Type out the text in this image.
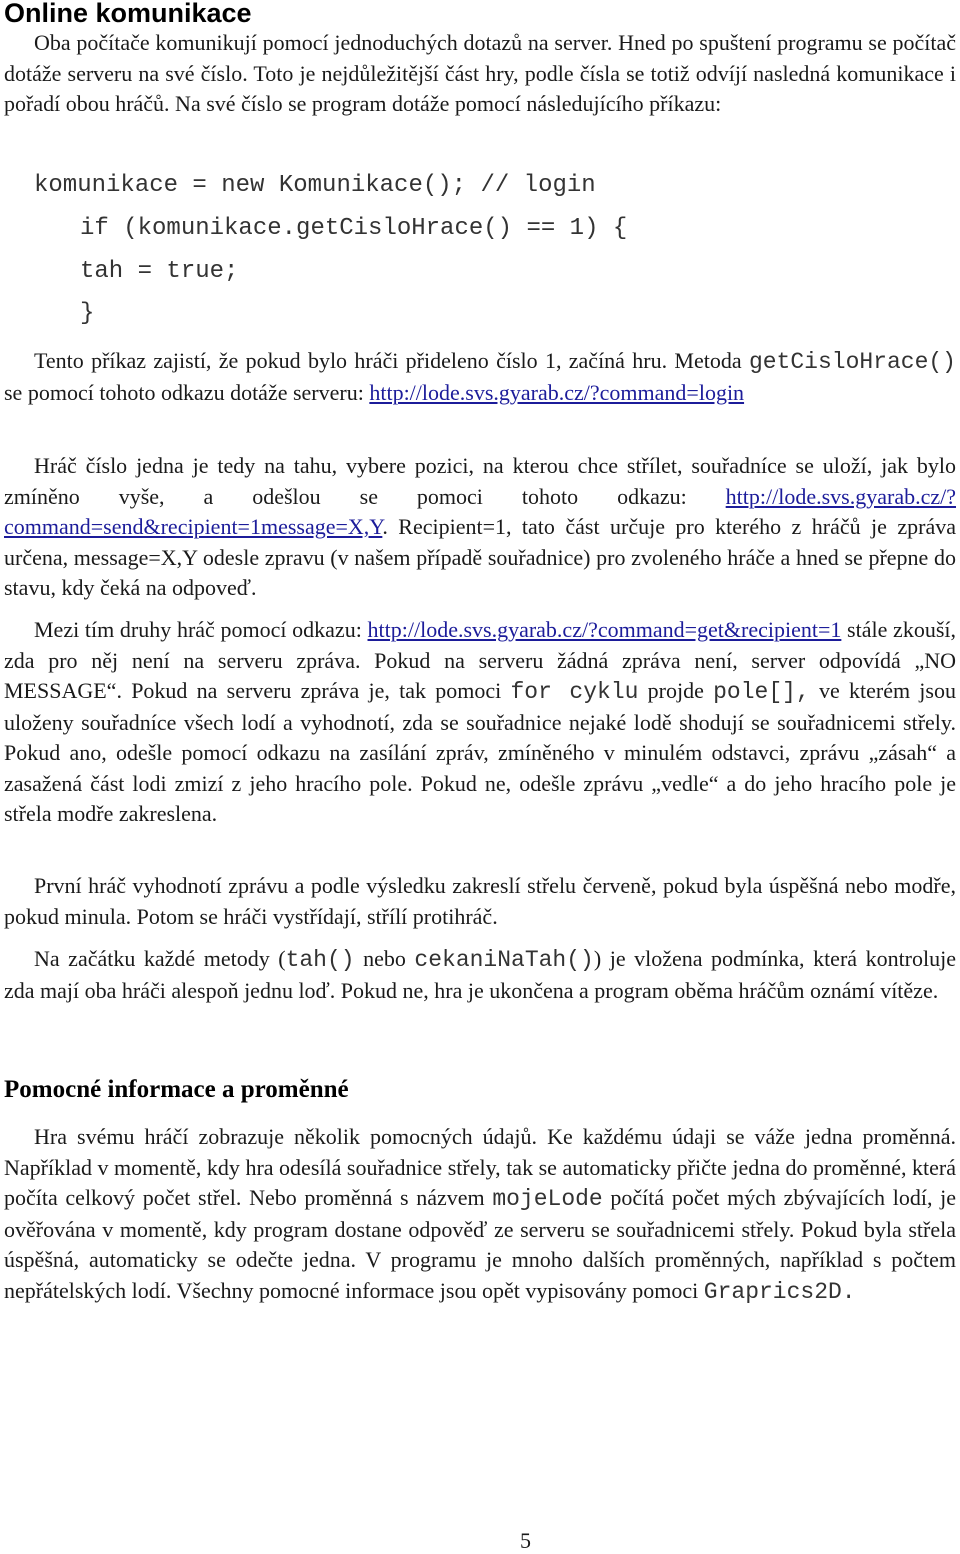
Online komunikace

Oba počítače komunikují pomocí jednoduchých dotazů na server. Hned po spuštení programu se počítač dotáže serveru na své číslo. Toto je nejdůležitější část hry, podle čísla se totiž odvíjí nasledná komunikace i pořadí obou hráčů. Na své číslo se program dotáže pomocí následujícího příkazu:

komunikace = new Komunikace(); // login
if (komunikace.getCisloHrace() == 1) {
tah = true;
}

Tento příkaz zajistí, že pokud bylo hráči přideleno číslo 1, začíná hru. Metoda getCisloHrace() se pomocí tohoto odkazu dotáže serveru: http://lode.svs.gyarab.cz/?command=login

Hráč číslo jedna je tedy na tahu, vybere pozici, na kterou chce střílet, souřadníce se uloží, jak bylo zmíněno vyše, a odešlou se pomoci tohoto odkazu: http://lode.svs.gyarab.cz/?command=send&recipient=1message=X,Y. Recipient=1, tato část určuje pro kterého z hráčů je zpráva určena, message=X,Y odesle zpravu (v našem případě souřadnice) pro zvoleného hráče a hned se přepne do stavu, kdy čeká na odpoveď.

Mezi tím druhy hráč pomocí odkazu: http://lode.svs.gyarab.cz/?command=get&recipient=1 stále zkouší, zda pro něj není na serveru zpráva. Pokud na serveru žádná zpráva není, server odpovídá „NO MESSAGE“. Pokud na serveru zpráva je, tak pomoci for cyklu projde pole[], ve kterém jsou uloženy souřadníce všech lodí a vyhodnotí, zda se souřadnice nejaké lodě shodují se souřadnicemi střely. Pokud ano, odešle pomocí odkazu na zasílání zpráv, zmíněného v minulém odstavci, zprávu „zásah“ a zasažená část lodi zmizí z jeho hracího pole. Pokud ne, odešle zprávu „vedle“ a do jeho hracího pole je střela modře zakreslena.

První hráč vyhodnotí zprávu a podle výsledku zakreslí střelu červeně, pokud byla úspěšná nebo modře, pokud minula. Potom se hráči vystřídají, střílí protihráč.

Na začátku každé metody (tah() nebo cekaniNaTah()) je vložena podmínka, která kontroluje zda mají oba hráči alespoň jednu loď. Pokud ne, hra je ukončena a program oběma hráčům oznámí vítěze.

Pomocné informace a proměnné

Hra svému hráčí zobrazuje několik pomocných údajů. Ke každému údaji se váže jedna proměnná. Například v momentě, kdy hra odesílá souřadnice střely, tak se automaticky přičte jedna do proměnné, která počíta celkový počet střel. Nebo proměnná s názvem mojeLode počítá počet mých zbývajících lodí, je ověřována v momentě, kdy program dostane odpověď ze serveru se souřadnicemi střely. Pokud byla střela úspěšná, automaticky se odečte jedna. V programu je mnoho dalších proměnných, například s počtem nepřátelských lodí. Všechny pomocné informace jsou opět vypisovány pomoci Graprics2D.

5
